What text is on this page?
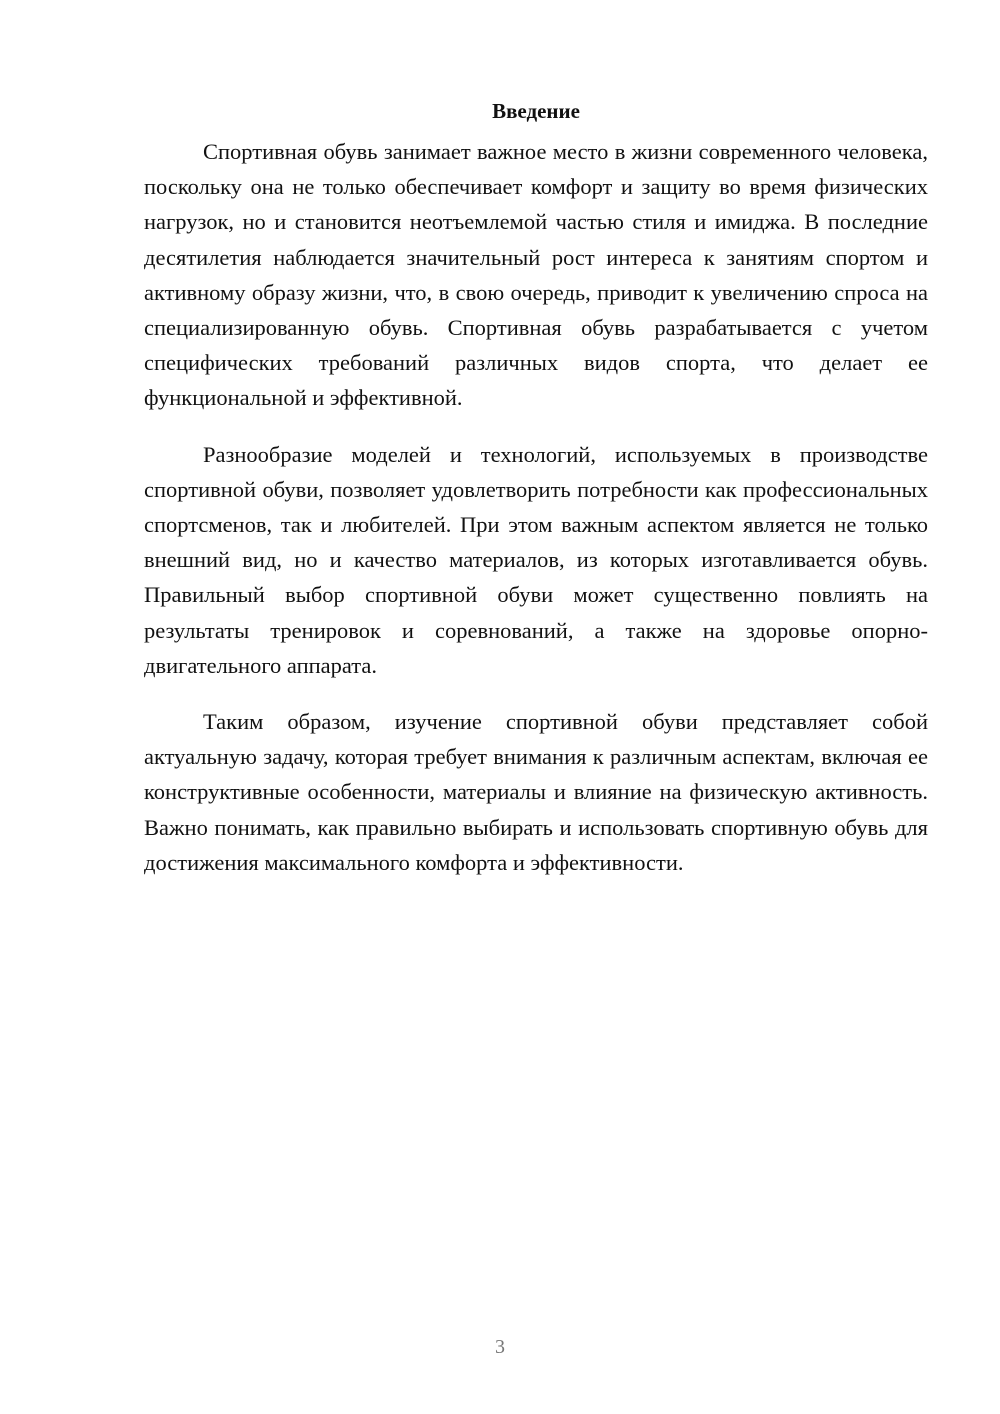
Введение

Спортивная обувь занимает важное место в жизни современного человека, поскольку она не только обеспечивает комфорт и защиту во время физических нагрузок, но и становится неотъемлемой частью стиля и имиджа. В последние десятилетия наблюдается значительный рост интереса к занятиям спортом и активному образу жизни, что, в свою очередь, приводит к увеличению спроса на специализированную обувь. Спортивная обувь разрабатывается с учетом специфических требований различных видов спорта, что делает ее функциональной и эффективной.

Разнообразие моделей и технологий, используемых в производстве спортивной обуви, позволяет удовлетворить потребности как профессиональных спортсменов, так и любителей. При этом важным аспектом является не только внешний вид, но и качество материалов, из которых изготавливается обувь. Правильный выбор спортивной обуви может существенно повлиять на результаты тренировок и соревнований, а также на здоровье опорно-двигательного аппарата.

Таким образом, изучение спортивной обуви представляет собой актуальную задачу, которая требует внимания к различным аспектам, включая ее конструктивные особенности, материалы и влияние на физическую активность. Важно понимать, как правильно выбирать и использовать спортивную обувь для достижения максимального комфорта и эффективности.

3
